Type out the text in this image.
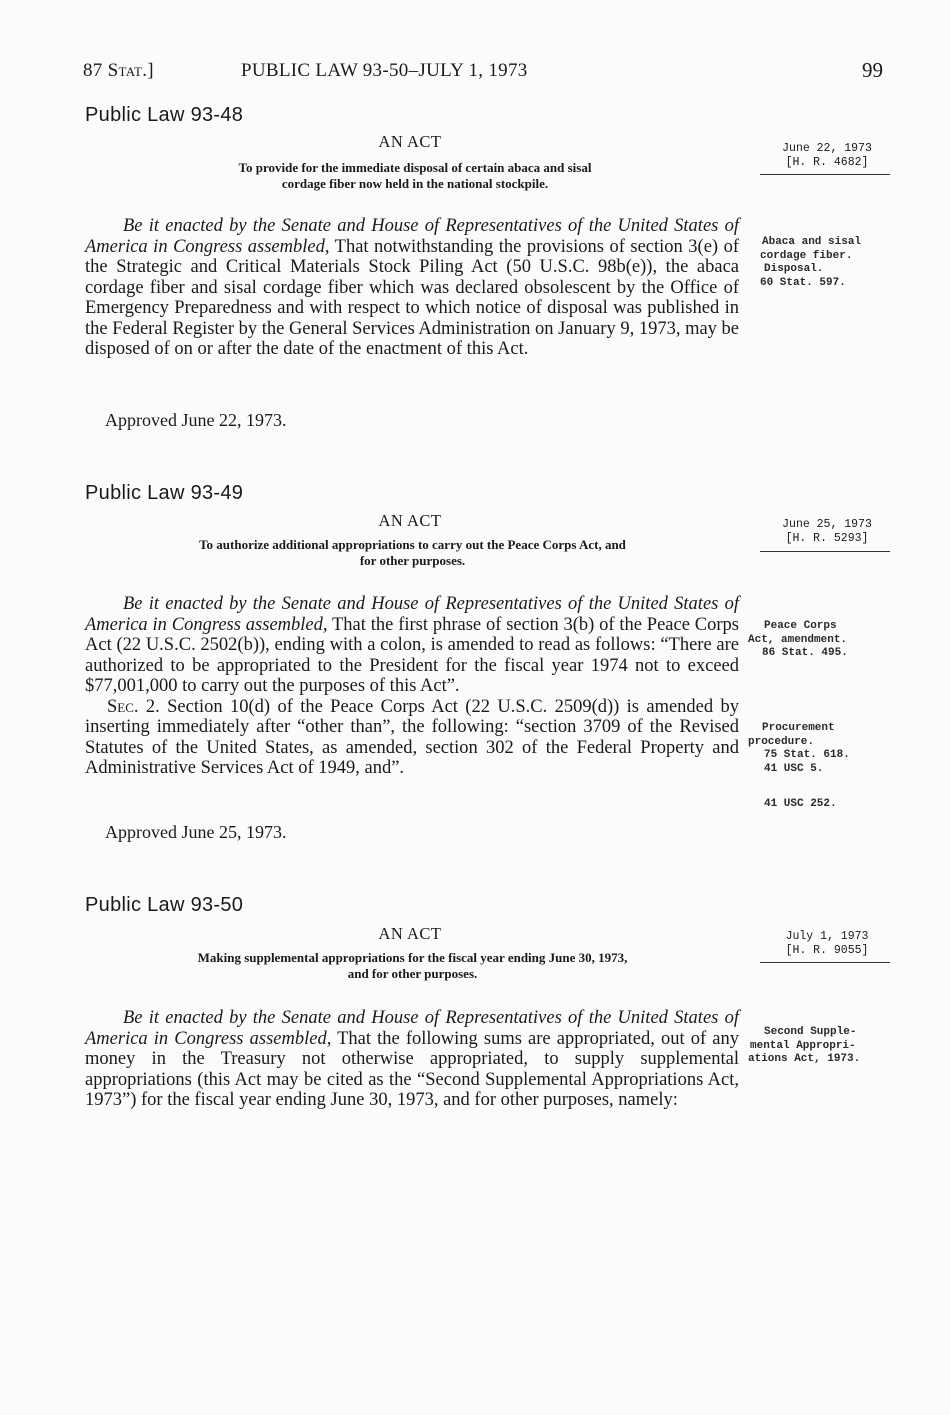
87 Stat.]	PUBLIC LAW 93-50–JULY 1, 1973	99
Public Law 93-48
AN ACT
To provide for the immediate disposal of certain abaca and sisal
cordage fiber now held in the national stockpile.
June 22, 1973
[H. R. 4682]

Be it enacted by the Senate and House of Representatives of the United States of America in Congress assembled, That notwithstanding the provisions of section 3(e) of the Strategic and Critical Materials Stock Piling Act (50 U.S.C. 98b(e)), the abaca cordage fiber and sisal cordage fiber which was declared obsolescent by the Office of Emergency Preparedness and with respect to which notice of disposal was published in the Federal Register by the General Services Administration on January 9, 1973, may be disposed of on or after the date of the enactment of this Act.

Approved June 22, 1973.
Abaca and sisal
cordage fiber.
Disposal.
60 Stat. 597.
Public Law 93-49
AN ACT
To authorize additional appropriations to carry out the Peace Corps Act, and
for other purposes.
June 25, 1973
[H. R. 5293]

Be it enacted by the Senate and House of Representatives of the United States of America in Congress assembled, That the first phrase of section 3(b) of the Peace Corps Act (22 U.S.C. 2502(b)), ending with a colon, is amended to read as follows: “There are authorized to be appropriated to the President for the fiscal year 1974 not to exceed $77,001,000 to carry out the purposes of this Act”.

Sec. 2. Section 10(d) of the Peace Corps Act (22 U.S.C. 2509(d)) is amended by inserting immediately after “other than”, the following: “section 3709 of the Revised Statutes of the United States, as amended, section 302 of the Federal Property and Administrative Services Act of 1949, and”.

Approved June 25, 1973.
Peace Corps
Act, amendment.
86 Stat. 495.
Procurement
procedure.
75 Stat. 618.
41 USC 5.
41 USC 252.
Public Law 93-50
AN ACT
Making supplemental appropriations for the fiscal year ending June 30, 1973,
and for other purposes.
July 1, 1973
[H. R. 9055]

Be it enacted by the Senate and House of Representatives of the United States of America in Congress assembled, That the following sums are appropriated, out of any money in the Treasury not otherwise appropriated, to supply supplemental appropriations (this Act may be cited as the “Second Supplemental Appropriations Act, 1973”) for the fiscal year ending June 30, 1973, and for other purposes, namely:

Second Supple-
mental Appropri-
ations Act, 1973.
